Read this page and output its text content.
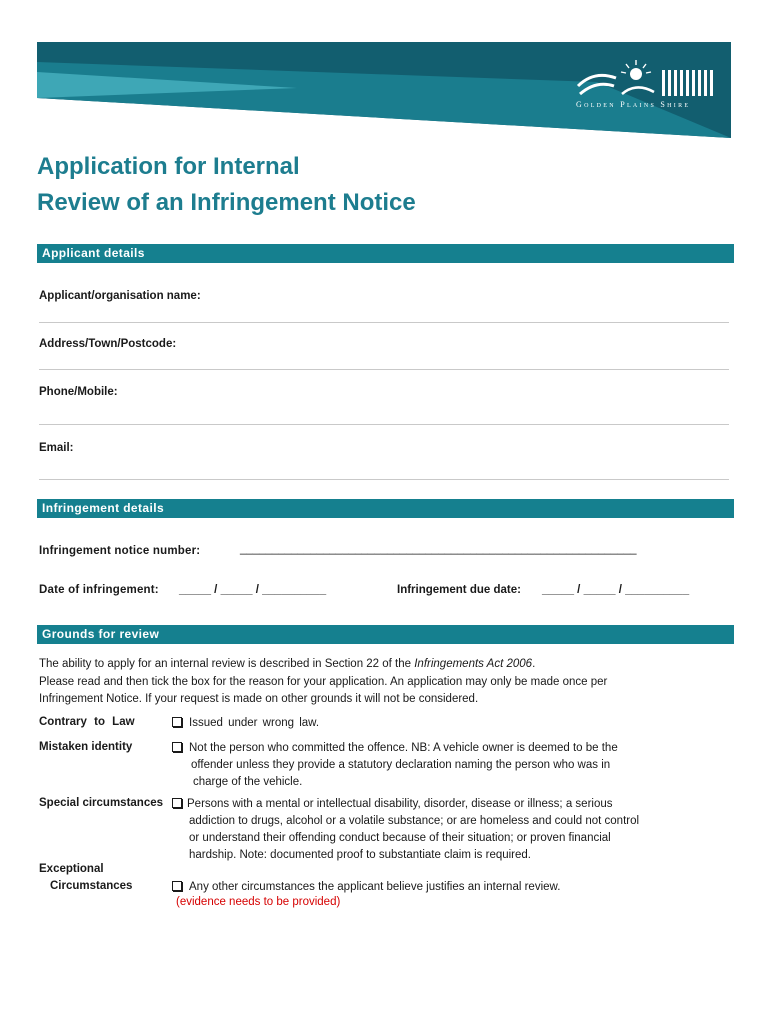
Golden Plains Shire
Application for Internal
Review of an Infringement Notice
Applicant details
Applicant/organisation name:
Address/Town/Postcode:
Phone/Mobile:
Email:
Infringement details
Infringement notice number:	______________________________________________________________
Date of infringement: _____ / _____ / __________	Infringement due date: _____ / _____ / __________
Grounds for review
The ability to apply for an internal review is described in Section 22 of the Infringements Act 2006.
Please read and then tick the box for the reason for your application. An application may only be made once per
Infringement Notice. If your request is made on other grounds it will not be considered.
Contrary to Law	Issued under wrong law.
Mistaken identity	Not the person who committed the offence. NB: A vehicle owner is deemed to be the
offender unless they provide a statutory declaration naming the person who was in
charge of the vehicle.
Special circumstances	Persons with a mental or intellectual disability, disorder, disease or illness; a serious
addiction to drugs, alcohol or a volatile substance; or are homeless and could not control
or understand their offending conduct because of their situation; or proven financial
hardship. Note: documented proof to substantiate claim is required.
Exceptional
Circumstances	Any other circumstances the applicant believe justifies an internal review.
(evidence needs to be provided)
